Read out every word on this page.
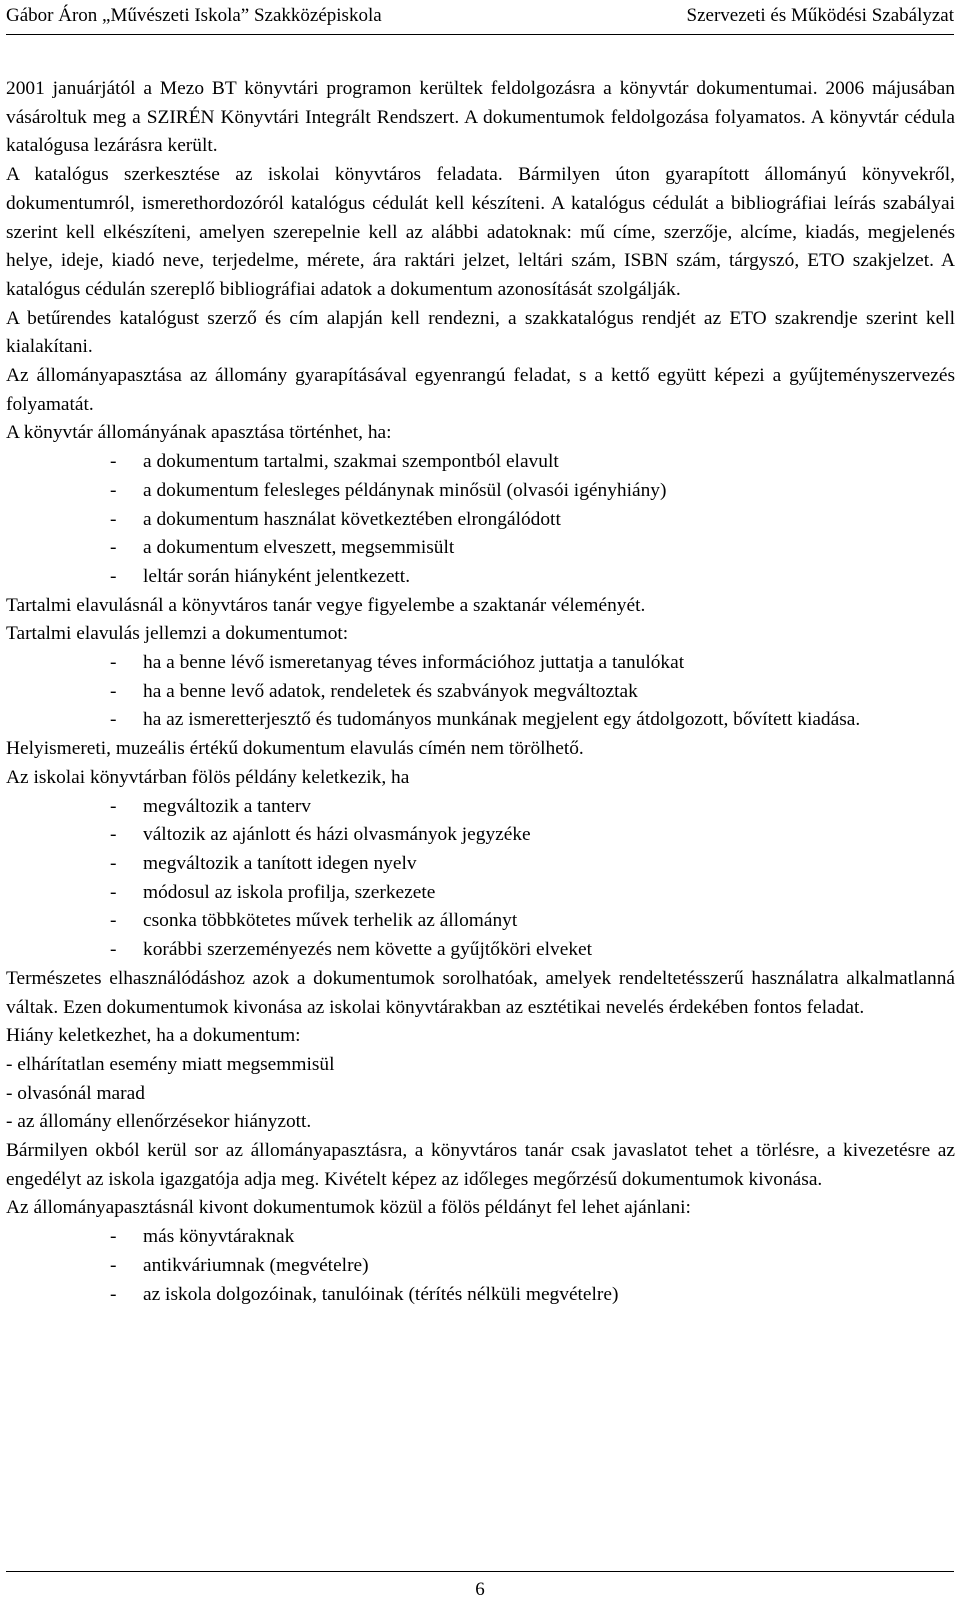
Gábor Áron „Művészeti Iskola” Szakközépiskola	Szervezeti és Működési Szabályzat

2001 januárjától a Mezo BT könyvtári programon kerültek feldolgozásra a könyvtár dokumentumai. 2006 májusában vásároltuk meg a SZIRÉN Könyvtári Integrált Rendszert. A dokumentumok feldolgozása folyamatos. A könyvtár cédula katalógusa lezárásra került.

A katalógus szerkesztése az iskolai könyvtáros feladata. Bármilyen úton gyarapított állományú könyvekről, dokumentumról, ismerethordozóról katalógus cédulát kell készíteni. A katalógus cédulát a bibliográfiai leírás szabályai szerint kell elkészíteni, amelyen szerepelnie kell az alábbi adatoknak: mű címe, szerzője, alcíme, kiadás, megjelenés helye, ideje, kiadó neve, terjedelme, mérete, ára raktári jelzet, leltári szám, ISBN szám, tárgyszó, ETO szakjelzet. A katalógus cédulán szereplő bibliográfiai adatok a dokumentum azonosítását szolgálják.

A betűrendes katalógust szerző és cím alapján kell rendezni, a szakkatalógus rendjét az ETO szakrendje szerint kell kialakítani.

Az állományapasztása az állomány gyarapításával egyenrangú feladat, s a kettő együtt képezi a gyűjteményszervezés folyamatát.

A könyvtár állományának apasztása történhet, ha:

- a dokumentum tartalmi, szakmai szempontból elavult
- a dokumentum felesleges példánynak minősül (olvasói igényhiány)
- a dokumentum használat következtében elrongálódott
- a dokumentum elveszett, megsemmisült
- leltár során hiányként jelentkezett.

Tartalmi elavulásnál a könyvtáros tanár vegye figyelembe a szaktanár véleményét.

Tartalmi elavulás jellemzi a dokumentumot:

- ha a benne lévő ismeretanyag téves információhoz juttatja a tanulókat
- ha a benne levő adatok, rendeletek és szabványok megváltoztak
- ha az ismeretterjesztő és tudományos munkának megjelent egy átdolgozott, bővített kiadása.

Helyismereti, muzeális értékű dokumentum elavulás címén nem törölhető.

Az iskolai könyvtárban fölös példány keletkezik, ha

- megváltozik a tanterv
- változik az ajánlott és házi olvasmányok jegyzéke
- megváltozik a tanított idegen nyelv
- módosul az iskola profilja, szerkezete
- csonka többkötetes művek terhelik az állományt
- korábbi szerzeményezés nem követte a gyűjtőköri elveket

Természetes elhasználódáshoz azok a dokumentumok sorolhatóak, amelyek rendeltetésszerű használatra alkalmatlanná váltak. Ezen dokumentumok kivonása az iskolai könyvtárakban az esztétikai nevelés érdekében fontos feladat.

Hiány keletkezhet, ha a dokumentum:

- elhárítatlan esemény miatt megsemmisül
- olvasónál marad
- az állomány ellenőrzésekor hiányzott.

Bármilyen okból kerül sor az állományapasztásra, a könyvtáros tanár csak javaslatot tehet a törlésre, a kivezetésre az engedélyt az iskola igazgatója adja meg. Kivételt képez az időleges megőrzésű dokumentumok kivonása.

Az állományapasztásnál kivont dokumentumok közül a fölös példányt fel lehet ajánlani:

- más könyvtáraknak
- antikváriumnak (megvételre)
- az iskola dolgozóinak, tanulóinak (térítés nélküli megvételre)
6
